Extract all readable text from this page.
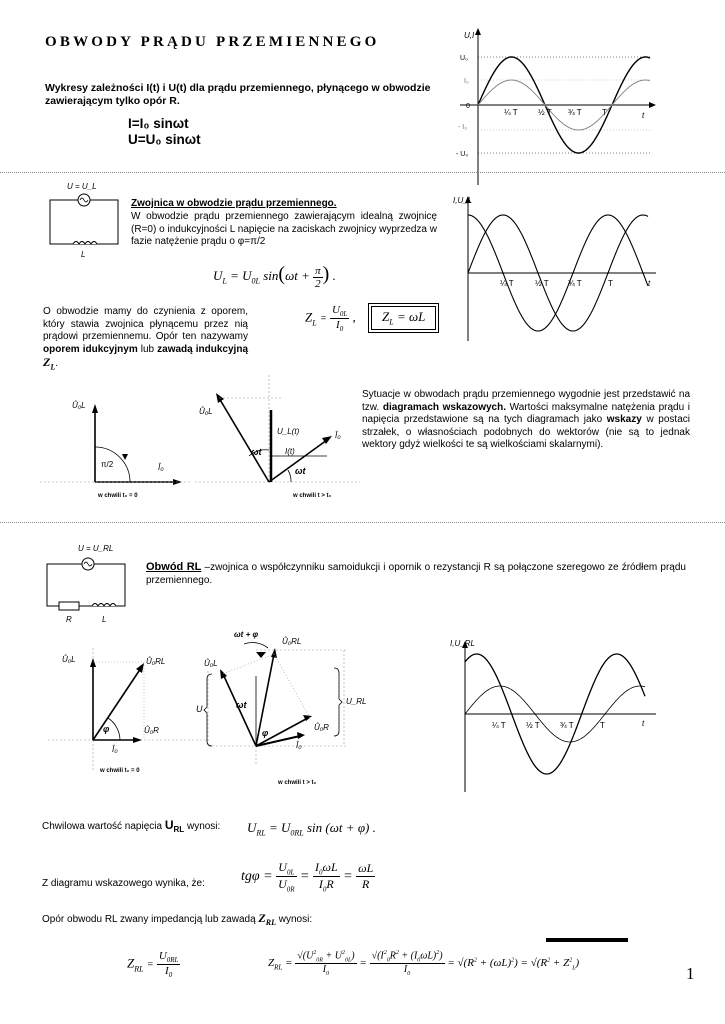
OBWODY PRĄDU PRZEMIENNEGO
Wykresy zależności I(t) i U(t) dla prądu przemiennego, płynącego w obwodzie zawierającym tylko opór R.
I=I₀ sinωt
U=U₀ sinωt
U,I
t
U₀
I₀
0
- I₀
- U₀
¼ T	½ T ¾ T	T
U = U_L
L
Zwojnica w obwodzie prądu przemiennego.
W obwodzie prądu przemiennego zawierającym idealną zwojnicę (R=0) o indukcyjności L napięcie na zaciskach zwojnicy wyprzedza w fazie natężenie prądu o φ=π/2
$U_L = U_{0L}$ $\sin(\omega t + \frac{\pi}{2}$ ) .
O obwodzie mamy do czynienia z oporem, który stawia zwojnica płynącemu przez nią prądowi przemiennemu. Opór ten nazywamy oporem idukcyjnym lub zawadą indukcyjną $Z_L$.
$Z_L = \frac{U_{0L}}{I_0}$ ,	$Z_L = \omega L$
I,U_L
t
¼ T	½ T ¾ T	T
Û₀L
π/2	Î₀
w chwili t₀ = 0
Û₀L
U_L(t)
I(t)
ωt
ωt
Î₀
w chwili t > t₀
Sytuacje w obwodach prądu przemiennego wygodnie jest przedstawić na tzw. diagramach wskazowych. Wartości maksymalne natężenia prądu i napięcia przedstawione są na tych diagramach jako wskazy w postaci strzałek, o własnościach podobnych do wektorów (nie są to jednak wektory gdyż wielkości te są wielkościami skalarnymi).
U = U_RL
R	L
Obwód RL –zwojnica o współczynniku samoidukcji i opornik o rezystancji R są połączone szeregowo ze źródłem prądu przemiennego.
Û₀L	Û₀RL
Û₀R
φ
Î₀
w chwili t₀ = 0
ωt + φ
Û₀RL
Û₀L
ωt
φ
Û₀R
Î₀
U
U_RL
w chwili t > t₀
I,U_RL
t
¼ T	½ T	¾ T	T
Chwilowa wartość napięcia $U_{RL}$ wynosi: $U_{RL} = U_{0RL}$ sin (ωt + φ) .
Z diagramu wskazowego wynika, że:	$tg\varphi = \frac{U_{0L}}{U_{0R}} = \frac{I_0\omega L}{I_0R} = \frac{\omega L}{R}$
Opór obwodu RL zwany impedancją lub zawadą $Z_{RL}$ wynosi:
$Z_{RL} = \frac{U_{0RL}}{I_0}$	$Z_{RL} = \frac{√(U^2_{0R} + U^2_{0L})}{I_0} = \frac{√(I^2_0R^2 + (I_0\omega L)^2)}{I_0} = √(R^2 + (\omega L)^2) = √(R^2 + Z^2_L)$
1
